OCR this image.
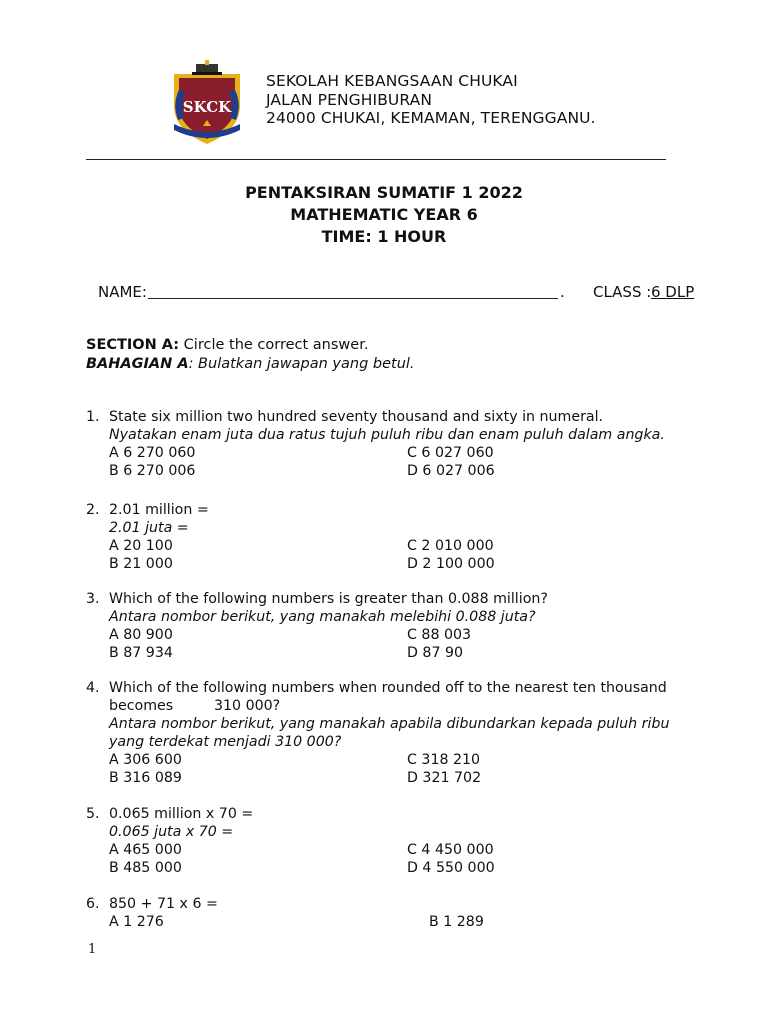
SKCK
SEKOLAH KEBANGSAAN CHUKAI
JALAN PENGHIBURAN
24000 CHUKAI, KEMAMAN, TERENGGANU.
PENTAKSIRAN SUMATIF 1 2022
MATHEMATIC YEAR 6
TIME: 1 HOUR
NAME:	. CLASS : 6 DLP
SECTION A: Circle the correct answer.
BAHAGIAN A: Bulatkan jawapan yang betul.
1. State six million two hundred seventy thousand and sixty in numeral.
Nyatakan enam juta dua ratus tujuh puluh ribu dan enam puluh dalam angka.
A 6 270 060	C 6 027 060
B 6 270 006	D 6 027 006
2. 2.01 million =
2.01 juta =
A 20 100	C 2 010 000
B 21 000	D 2 100 000
3. Which of the following numbers is greater than 0.088 million?
Antara nombor berikut, yang manakah melebihi 0.088 juta?
A 80 900	C 88 003
B 87 934	D 87 90
4. Which of the following numbers when rounded off to the nearest ten thousand
becomes	310 000?
Antara nombor berikut, yang manakah apabila dibundarkan kepada puluh ribu
yang terdekat menjadi 310 000?
A 306 600	C 318 210
B 316 089	D 321 702
5. 0.065 million x 70 =
0.065 juta x 70 =
A 465 000	C 4 450 000
B 485 000	D 4 550 000
6. 850 + 71 x 6 =
A 1 276	B 1 289
1
